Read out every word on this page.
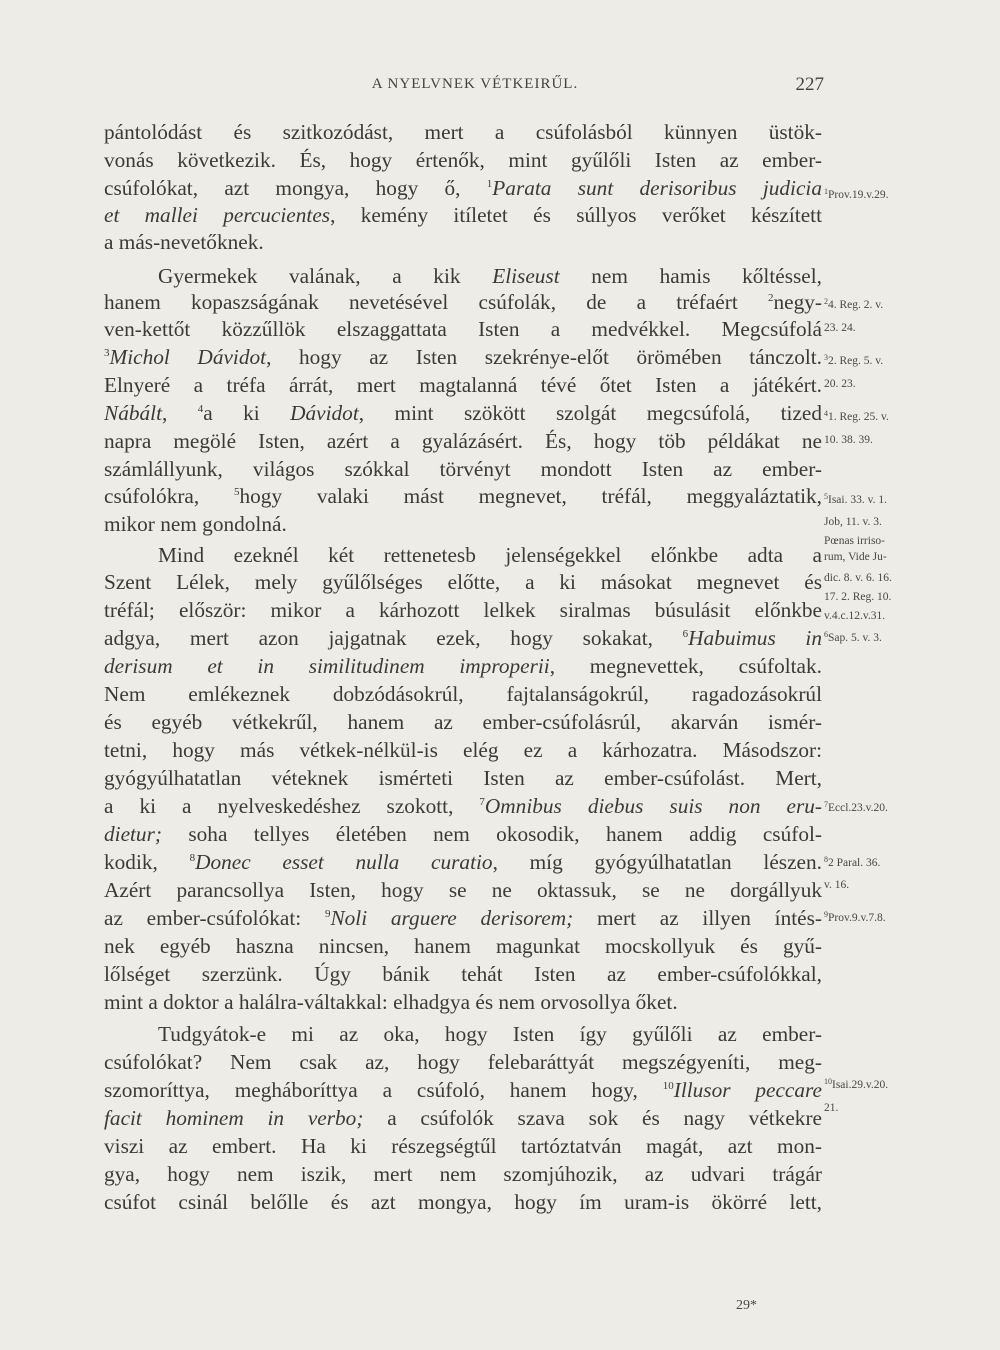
A NYELVNEK VÉTKEIRŰL.	227
pántolódást és szitkozódást, mert a csúfolásból künnyen üstök-
vonás következik. És, hogy értenők, mint gyűlőli Isten az ember-
csúfolókat, azt mongya, hogy ő, $^1$Parata sunt derisoribus judicia
et mallei percucientes, kemény itíletet és súllyos verőket készített
a más-nevetőknek.
Gyermekek valának, a kik Eliseust nem hamis kőltéssel,
hanem kopaszságának nevetésével csúfolák, de a tréfaért $^2$negy-
ven-kettőt közzűllök elszaggattata Isten a medvékkel. Megcsúfolá
$^3$Michol Dávidot, hogy az Isten szekrénye-előt örömében tánczolt.
Elnyeré a tréfa árrát, mert magtalanná tévé őtet Isten a játékért.
Nábált, $^4$a ki Dávidot, mint szökött szolgát megcsúfolá, tized
napra megölé Isten, azért a gyalázásért. És, hogy töb példákat ne
számlállyunk, világos szókkal törvényt mondott Isten az ember-
csúfolókra, $^5$hogy valaki mást megnevet, tréfál, meggyaláztatik,
mikor nem gondolná.
Mind ezeknél két rettenetesb jelenségekkel előnkbe adta a
Szent Lélek, mely gyűlőlséges előtte, a ki másokat megnevet és
tréfál; először: mikor a kárhozott lelkek siralmas búsulásit előnkbe
adgya, mert azon jajgatnak ezek, hogy sokakat, $^6$Habuimus in
derisum et in similitudinem improperii, megnevettek, csúfoltak.
Nem emlékeznek dobzódásokrúl, fajtalanságokrúl, ragadozásokrúl
és egyéb vétkekrűl, hanem az ember-csúfolásrúl, akarván ismér-
tetni, hogy más vétkek-nélkül-is elég ez a kárhozatra. Másodszor:
gyógyúlhatatlan véteknek ismérteti Isten az ember-csúfolást. Mert,
a ki a nyelveskedéshez szokott, $^7$Omnibus diebus suis non eru-
dietur; soha tellyes életében nem okosodik, hanem addig csúfol-
kodik, $^8$Donec esset nulla curatio, míg gyógyúlhatatlan lészen.
Azért parancsollya Isten, hogy se ne oktassuk, se ne dorgállyuk
az ember-csúfolókat: $^9$Noli arguere derisorem; mert az illyen íntés-
nek egyéb haszna nincsen, hanem magunkat mocskollyuk és gyű-
lőlséget szerzünk. Úgy bánik tehát Isten az ember-csúfolókkal,
mint a doktor a halálra-váltakkal: elhadgya és nem orvosollya őket.
Tudgyátok-e mi az oka, hogy Isten így gyűlőli az ember-
csúfolókat? Nem csak az, hogy felebaráttyát megszégyeníti, meg-
szomoríttya, megháboríttya a csúfoló, hanem hogy, $^{10}$Illusor peccare
facit hominem in verbo; a csúfolók szava sok és nagy vétkekre
viszi az embert. Ha ki részegségtűl tartóztatván magát, azt mon-
gya, hogy nem iszik, mert nem szomjúhozik, az udvari trágár
csúfot csinál belőlle és azt mongya, hogy ím uram-is ökörré lett,
$^1$Prov.19.v.29.
$^2$4. Reg. 2. v.
23. 24.
$^3$2. Reg. 5. v.
20. 23.
$^4$1. Reg. 25. v.
10. 38. 39.
$^5$Isai. 33. v. 1.
Job, 11. v. 3.
Pœnas irriso-
rum, Vide Ju-
dic. 8. v. 6. 16.
17. 2. Reg. 10.
v.4.c.12.v.31.
$^6$Sap. 5. v. 3.
$^7$Eccl.23.v.20.
$^8$2 Paral. 36.
v. 16.
$^9$Prov.9.v.7.8.
$^{10}$Isai.29.v.20.
21.
29*
